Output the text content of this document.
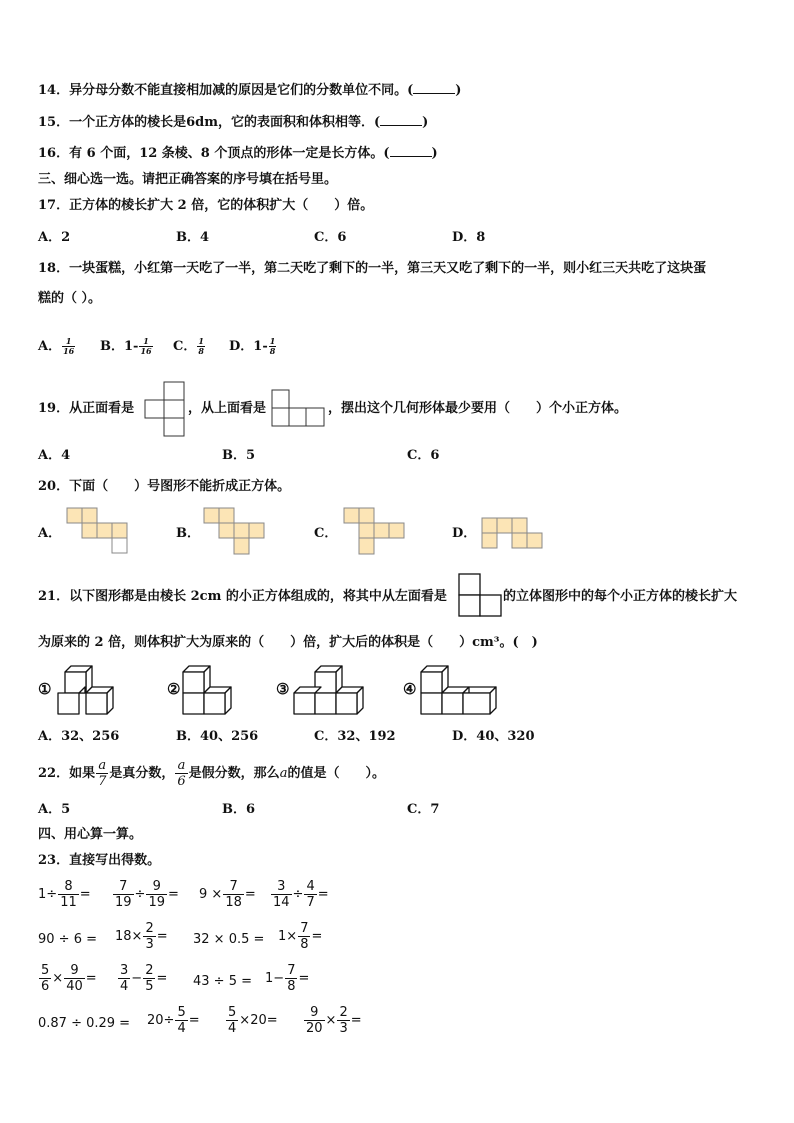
14．异分母分数不能直接相加减的原因是它们的分数单位不同。(	)
15．一个正方体的棱长是6dm，它的表面积和体积相等．(	)
16．有 6 个面，12 条棱、8 个顶点的形体一定是长方体。(	)
三、细心选一选。请把正确答案的序号填在括号里。
17．正方体的棱长扩大 2 倍，它的体积扩大（　　）倍。
A．2	B．4	C．6	D．8
18．一块蛋糕，小红第一天吃了一半，第二天吃了剩下的一半，第三天又吃了剩下的一半，则小红三天共吃了这块蛋
糕的（ ）。
A． $\frac{1}{16}$ B．$1- \frac{1}{16}$ C． $\frac{1}{8}$ D．$1- \frac{1}{8}$
19．从正面看是	，从上面看是	，摆出这个几何形体最少要用（　　）个小正方体。
A．4	B．5	C．6
20．下面（　　）号图形不能折成正方体。
A．	B．	C．	D．
21．以下图形都是由棱长 2cm 的小正方体组成的，将其中从左面看是	的立体图形中的每个小正方体的棱长扩大
为原来的 2 倍，则体积扩大为原来的（　　）倍，扩大后的体积是（　　）cm³。(　)
①	②	③	④
A．32、256	B．40、256	C．32、192	D．40、320
22．如果 $\frac{a}{7}$ 是真分数， $\frac{a}{6}$ 是假分数，那么a的值是（　　）。
A．5	B．6	C．7
四、用心算一算。
23．直接写出得数。
$1\div \frac{8}{11} = \frac{7}{19} \div \frac{9}{19} = 9 \times \frac{7}{18} = \frac{3}{14} \div \frac{4}{7}$ =
$90 \div 6 = 18\times \frac{2}{3} = 32 \times 0.5 = 1\times \frac{7}{8}$ =
$\frac{5}{6} \times \frac{9}{40} = \frac{3}{4} - \frac{2}{5} = 43 \div 5 = 1- \frac{7}{8}$ =
$0.87 \div 0.29 = 20\div \frac{5}{4} = \frac{5}{4} \times 20= \frac{9}{20} \times \frac{2}{3}$ =
